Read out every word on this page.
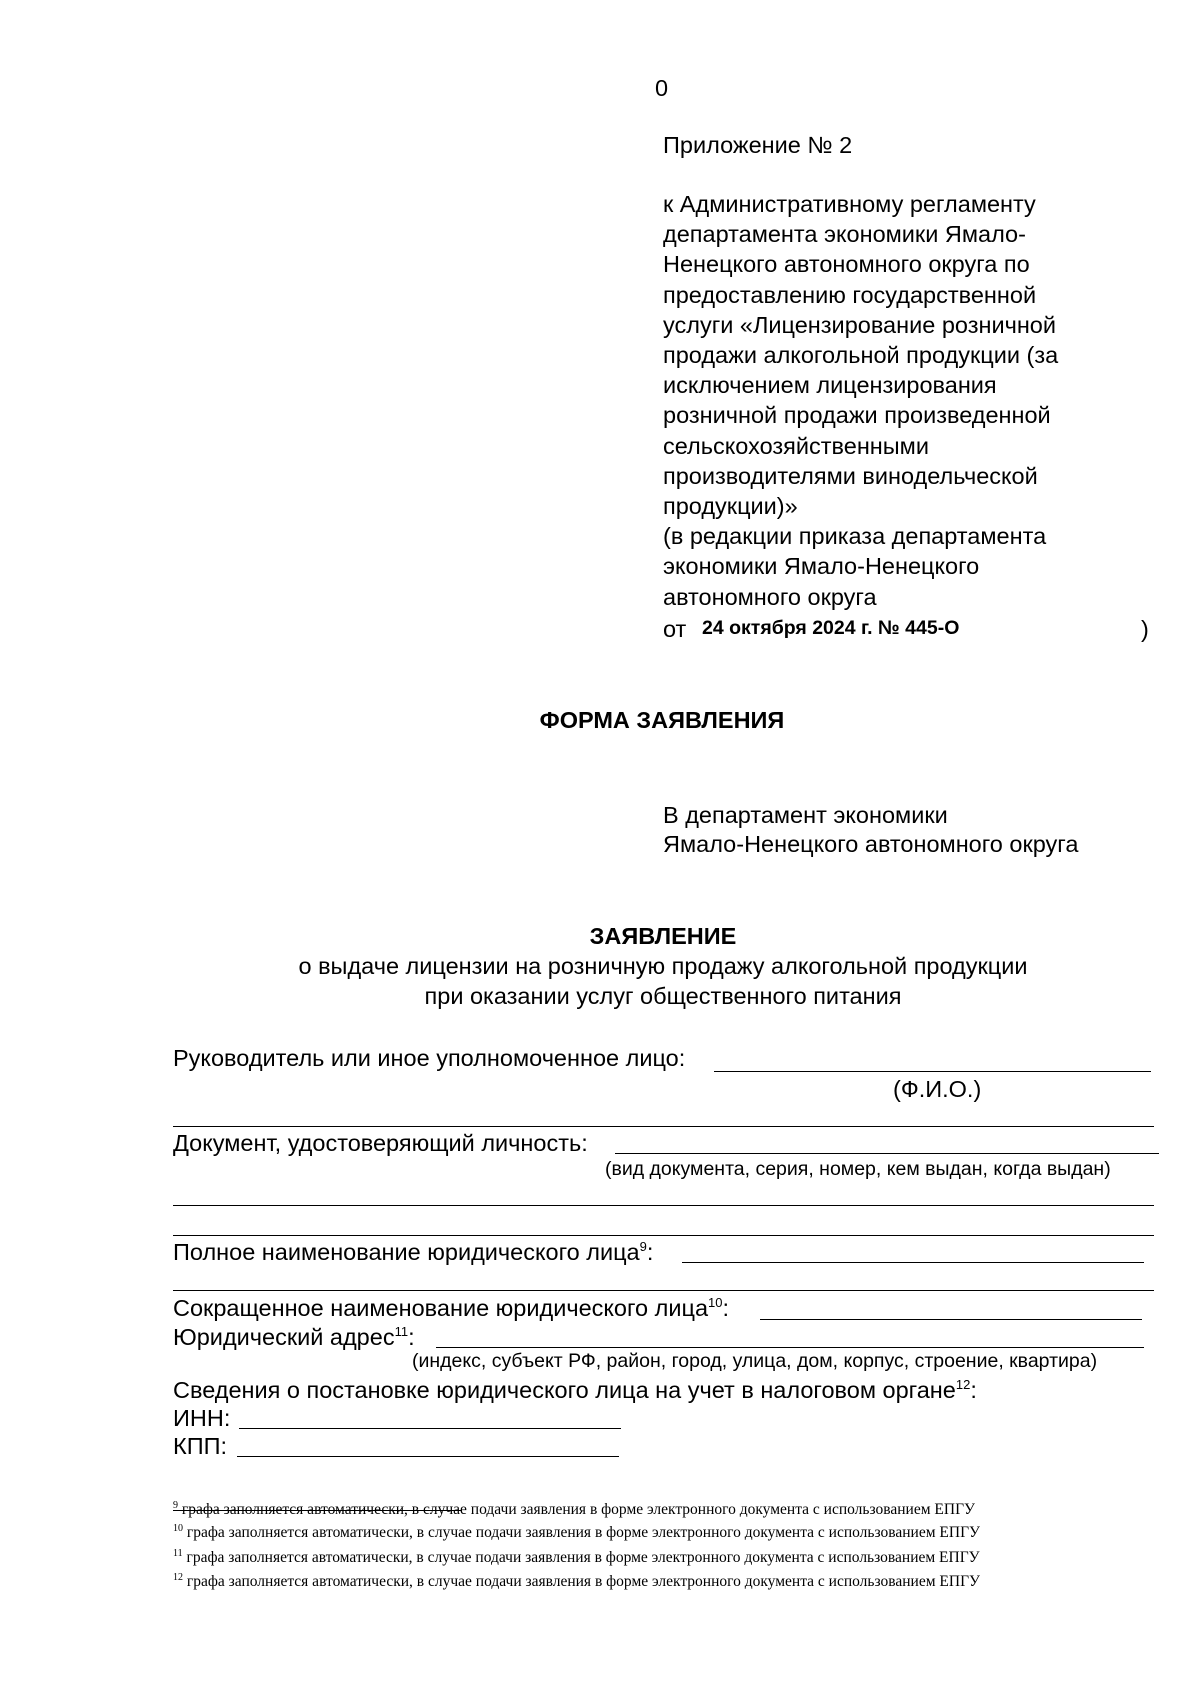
0
Приложение № 2
к Административному регламенту
департамента экономики Ямало-
Ненецкого автономного округа по
предоставлению государственной
услуги «Лицензирование розничной
продажи алкогольной продукции (за
исключением лицензирования
розничной продажи произведенной
сельскохозяйственными
производителями винодельческой
продукции)»
(в редакции приказа департамента
экономики Ямало-Ненецкого
автономного округа
от 24 октября 2024 г. № 445-О	)
ФОРМА ЗАЯВЛЕНИЯ
В департамент экономики
Ямало-Ненецкого автономного округа
ЗАЯВЛЕНИЕ
о выдаче лицензии на розничную продажу алкогольной продукции
при оказании услуг общественного питания
Руководитель или иное уполномоченное лицо:
(Ф.И.О.)
Документ, удостоверяющий личность:
(вид документа, серия, номер, кем выдан, когда выдан)
Полное наименование юридического лица$^9$:
Сокращенное наименование юридического лица$^{10}$:
Юридический адрес$^{11}$:
(индекс, субъект РФ, район, город, улица, дом, корпус, строение, квартира)
Сведения о постановке юридического лица на учет в налоговом органе$^{12}$:
ИНН:
КПП:
$^9$ графа заполняется автоматически, в случае подачи заявления в форме электронного документа с использованием ЕПГУ
$^{10}$ графа заполняется автоматически, в случае подачи заявления в форме электронного документа с использованием ЕПГУ
$^{11}$ графа заполняется автоматически, в случае подачи заявления в форме электронного документа с использованием ЕПГУ
$^{12}$ графа заполняется автоматически, в случае подачи заявления в форме электронного документа с использованием ЕПГУ
